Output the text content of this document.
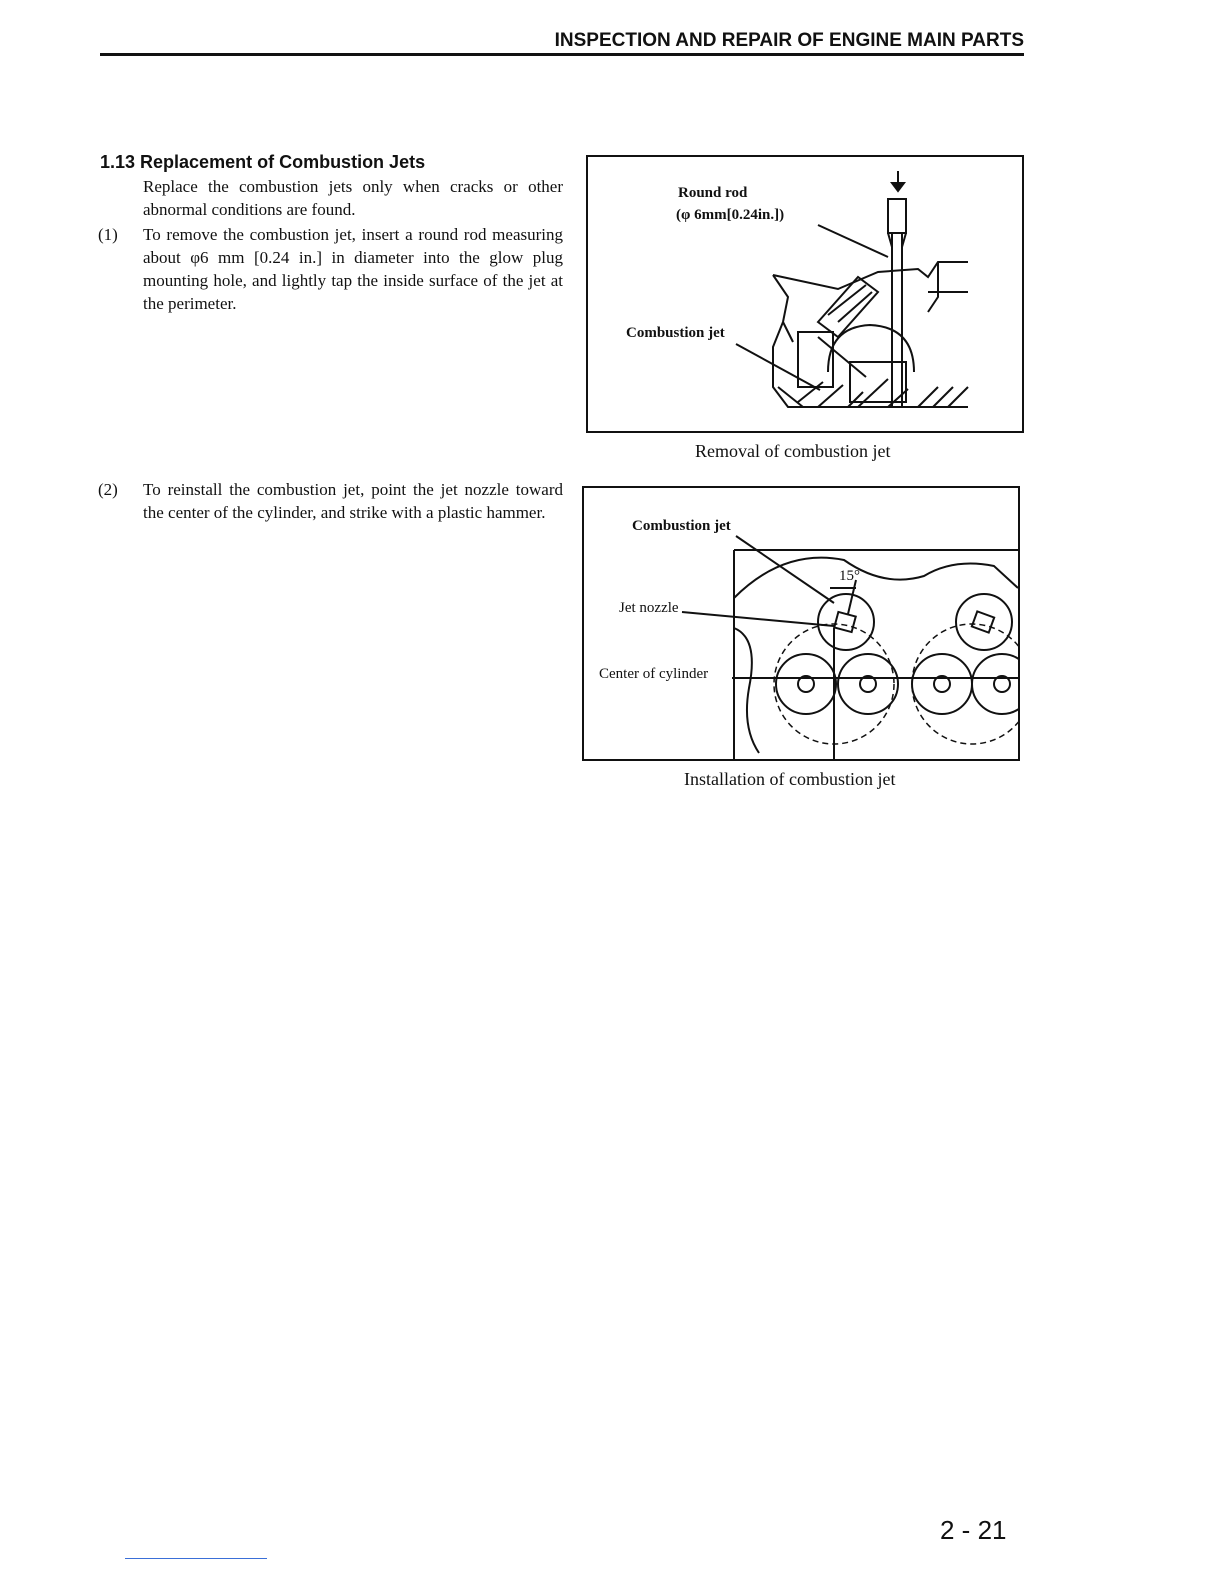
INSPECTION AND REPAIR OF ENGINE MAIN PARTS
1.13 Replacement of Combustion Jets

Replace the combustion jets only when cracks or other abnormal conditions are found.

(1) To remove the combustion jet, insert a round rod measuring about φ6 mm [0.24 in.] in diameter into the glow plug mounting hole, and lightly tap the inside surface of the jet at the perimeter.

(2) To reinstall the combustion jet, point the jet nozzle toward the center of the cylinder, and strike with a plastic hammer.

Round rod
(φ 6mm[0.24in.])
Combustion jet
Removal of combustion jet
Combustion jet
15°
Jet nozzle
Center of cylinder
Installation of combustion jet
2 - 21
